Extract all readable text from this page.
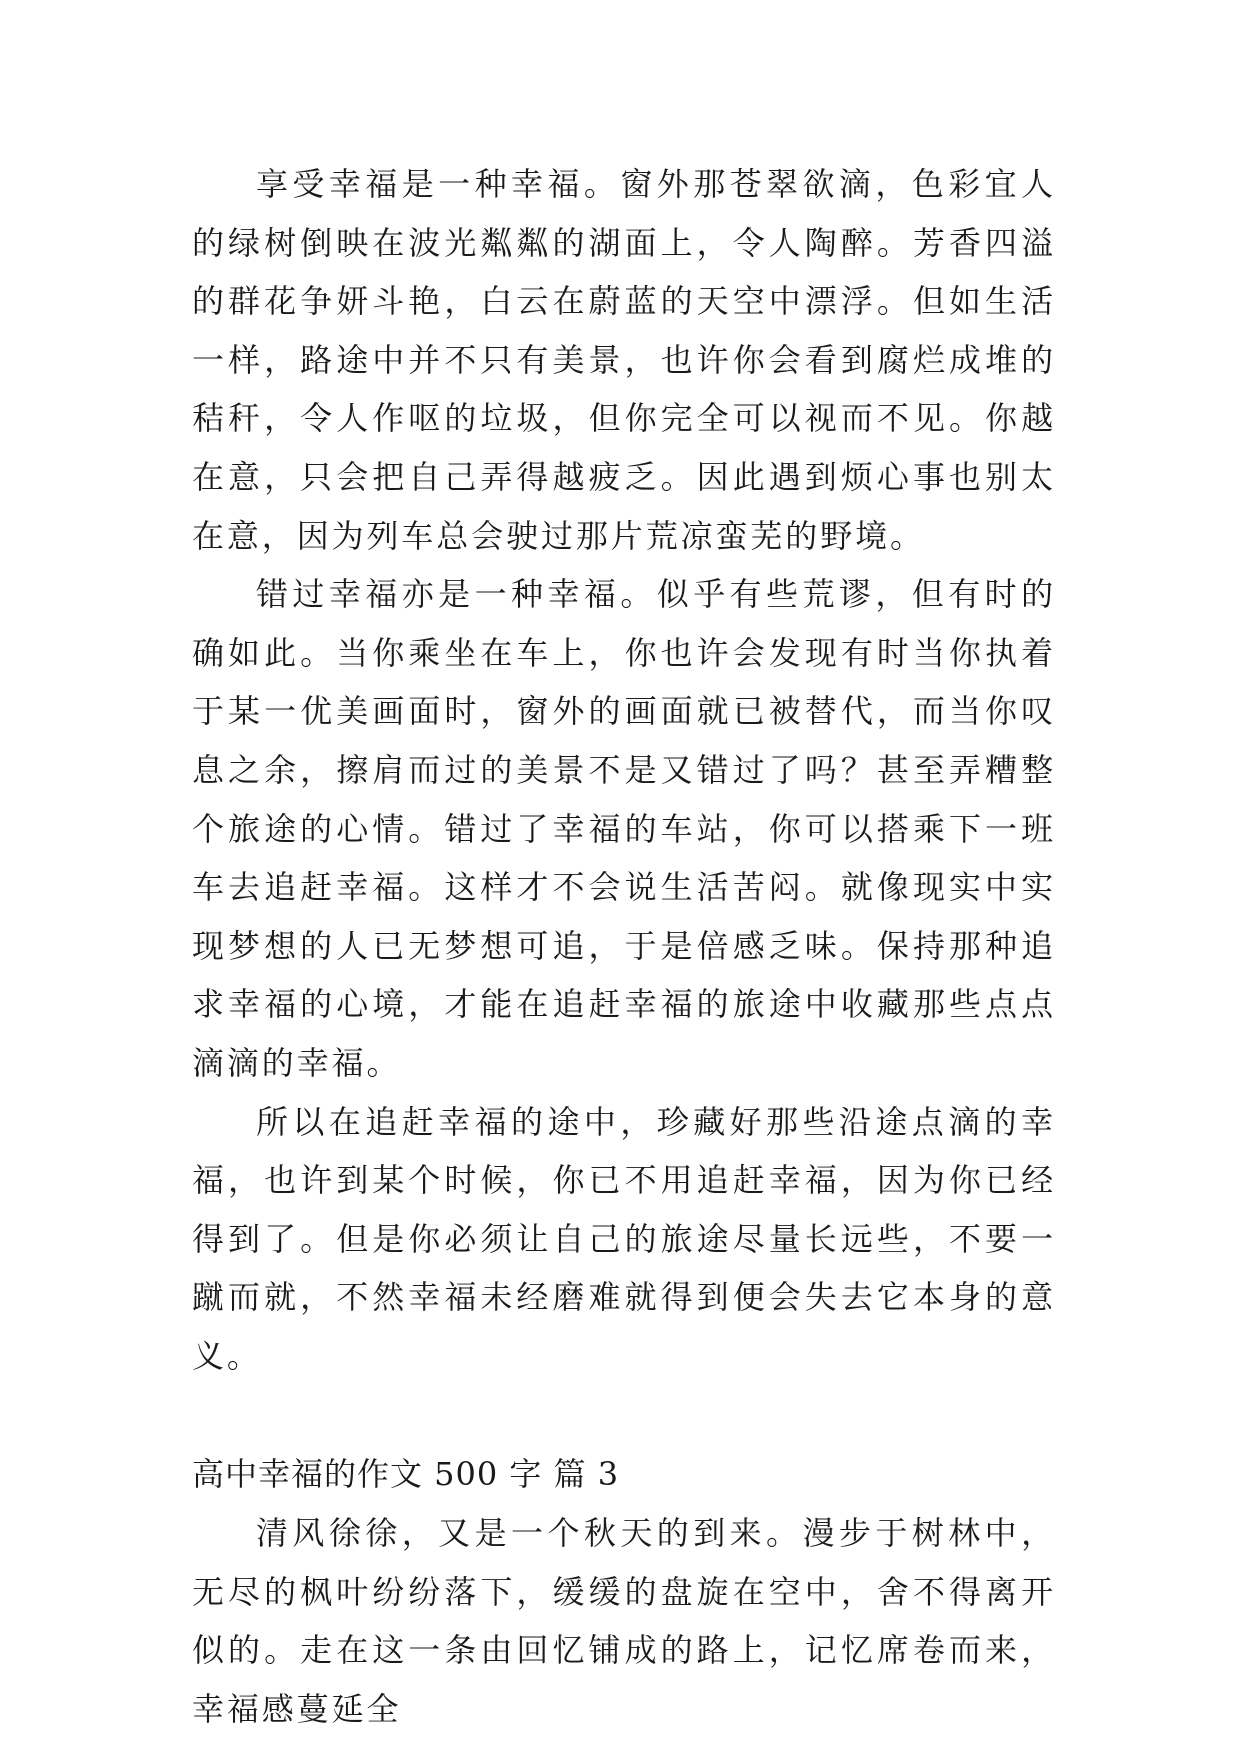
享受幸福是一种幸福。窗外那苍翠欲滴，色彩宜人的绿树倒映在波光粼粼的湖面上，令人陶醉。芳香四溢的群花争妍斗艳，白云在蔚蓝的天空中漂浮。但如生活一样，路途中并不只有美景，也许你会看到腐烂成堆的秸秆，令人作呕的垃圾，但你完全可以视而不见。你越在意，只会把自己弄得越疲乏。因此遇到烦心事也别太在意，因为列车总会驶过那片荒凉蛮芜的野境。

错过幸福亦是一种幸福。似乎有些荒谬，但有时的确如此。当你乘坐在车上，你也许会发现有时当你执着于某一优美画面时，窗外的画面就已被替代，而当你叹息之余，擦肩而过的美景不是又错过了吗？甚至弄糟整个旅途的心情。错过了幸福的车站，你可以搭乘下一班车去追赶幸福。这样才不会说生活苦闷。就像现实中实现梦想的人已无梦想可追，于是倍感乏味。保持那种追求幸福的心境，才能在追赶幸福的旅途中收藏那些点点滴滴的幸福。

所以在追赶幸福的途中，珍藏好那些沿途点滴的幸福，也许到某个时候，你已不用追赶幸福，因为你已经得到了。但是你必须让自己的旅途尽量长远些，不要一蹴而就，不然幸福未经磨难就得到便会失去它本身的意义。

高中幸福的作文 500 字 篇 3

清风徐徐，又是一个秋天的到来。漫步于树林中，无尽的枫叶纷纷落下，缓缓的盘旋在空中，舍不得离开似的。走在这一条由回忆铺成的路上，记忆席卷而来，幸福感蔓延全
